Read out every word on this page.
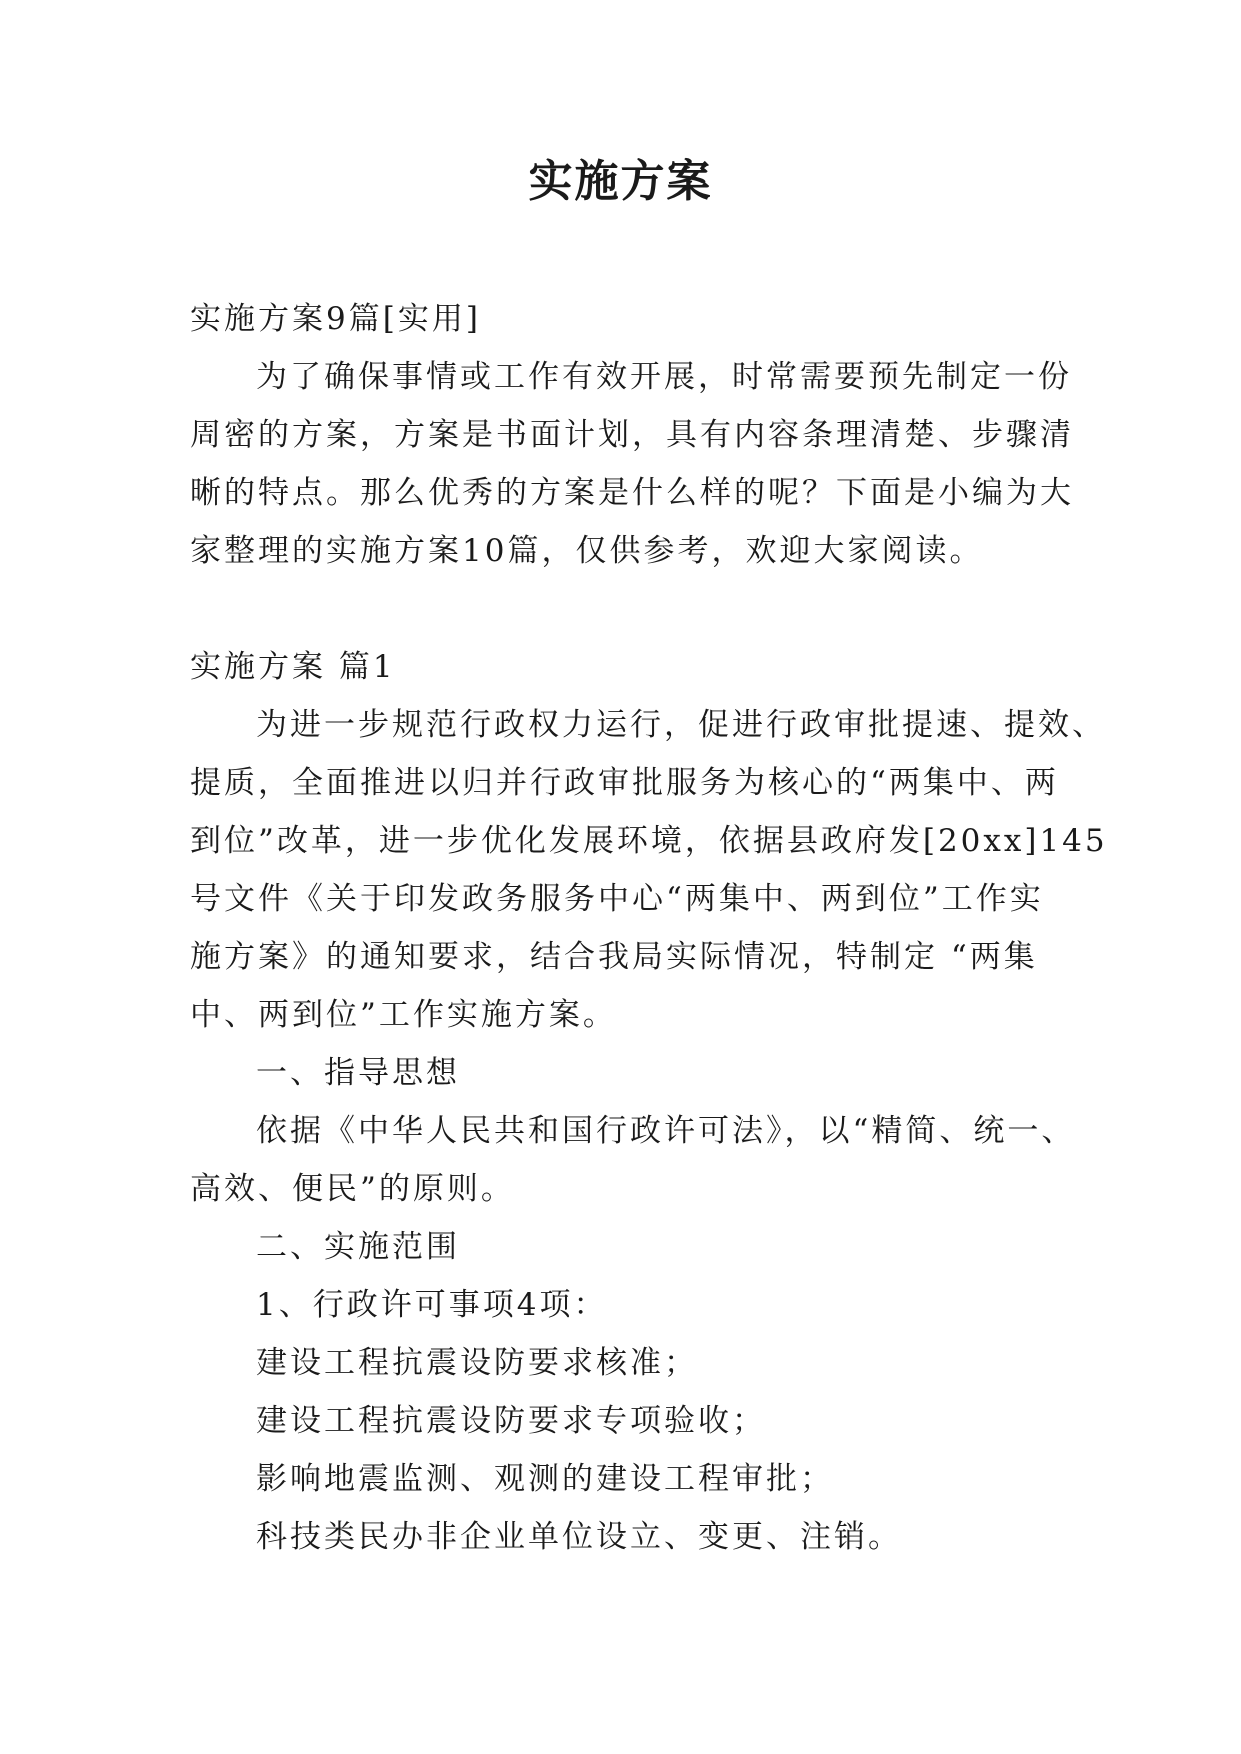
实施方案

实施方案9篇[实用]

为了确保事情或工作有效开展，时常需要预先制定一份

周密的方案，方案是书面计划，具有内容条理清楚、步骤清

晰的特点。那么优秀的方案是什么样的呢？下面是小编为大

家整理的实施方案10篇，仅供参考，欢迎大家阅读。

实施方案 篇1

为进一步规范行政权力运行，促进行政审批提速、提效、

提质，全面推进以归并行政审批服务为核心的“两集中、两

到位”改革，进一步优化发展环境，依据县政府发[20xx]145

号文件《关于印发政务服务中心“两集中、两到位”工作实

施方案》的通知要求，结合我局实际情况，特制定 “两集

中、两到位”工作实施方案。

一、指导思想

依据《中华人民共和国行政许可法》，以“精简、统一、

高效、便民”的原则。

二、实施范围

1、行政许可事项4项：

建设工程抗震设防要求核准；

建设工程抗震设防要求专项验收；

影响地震监测、观测的建设工程审批；

科技类民办非企业单位设立、变更、注销。
